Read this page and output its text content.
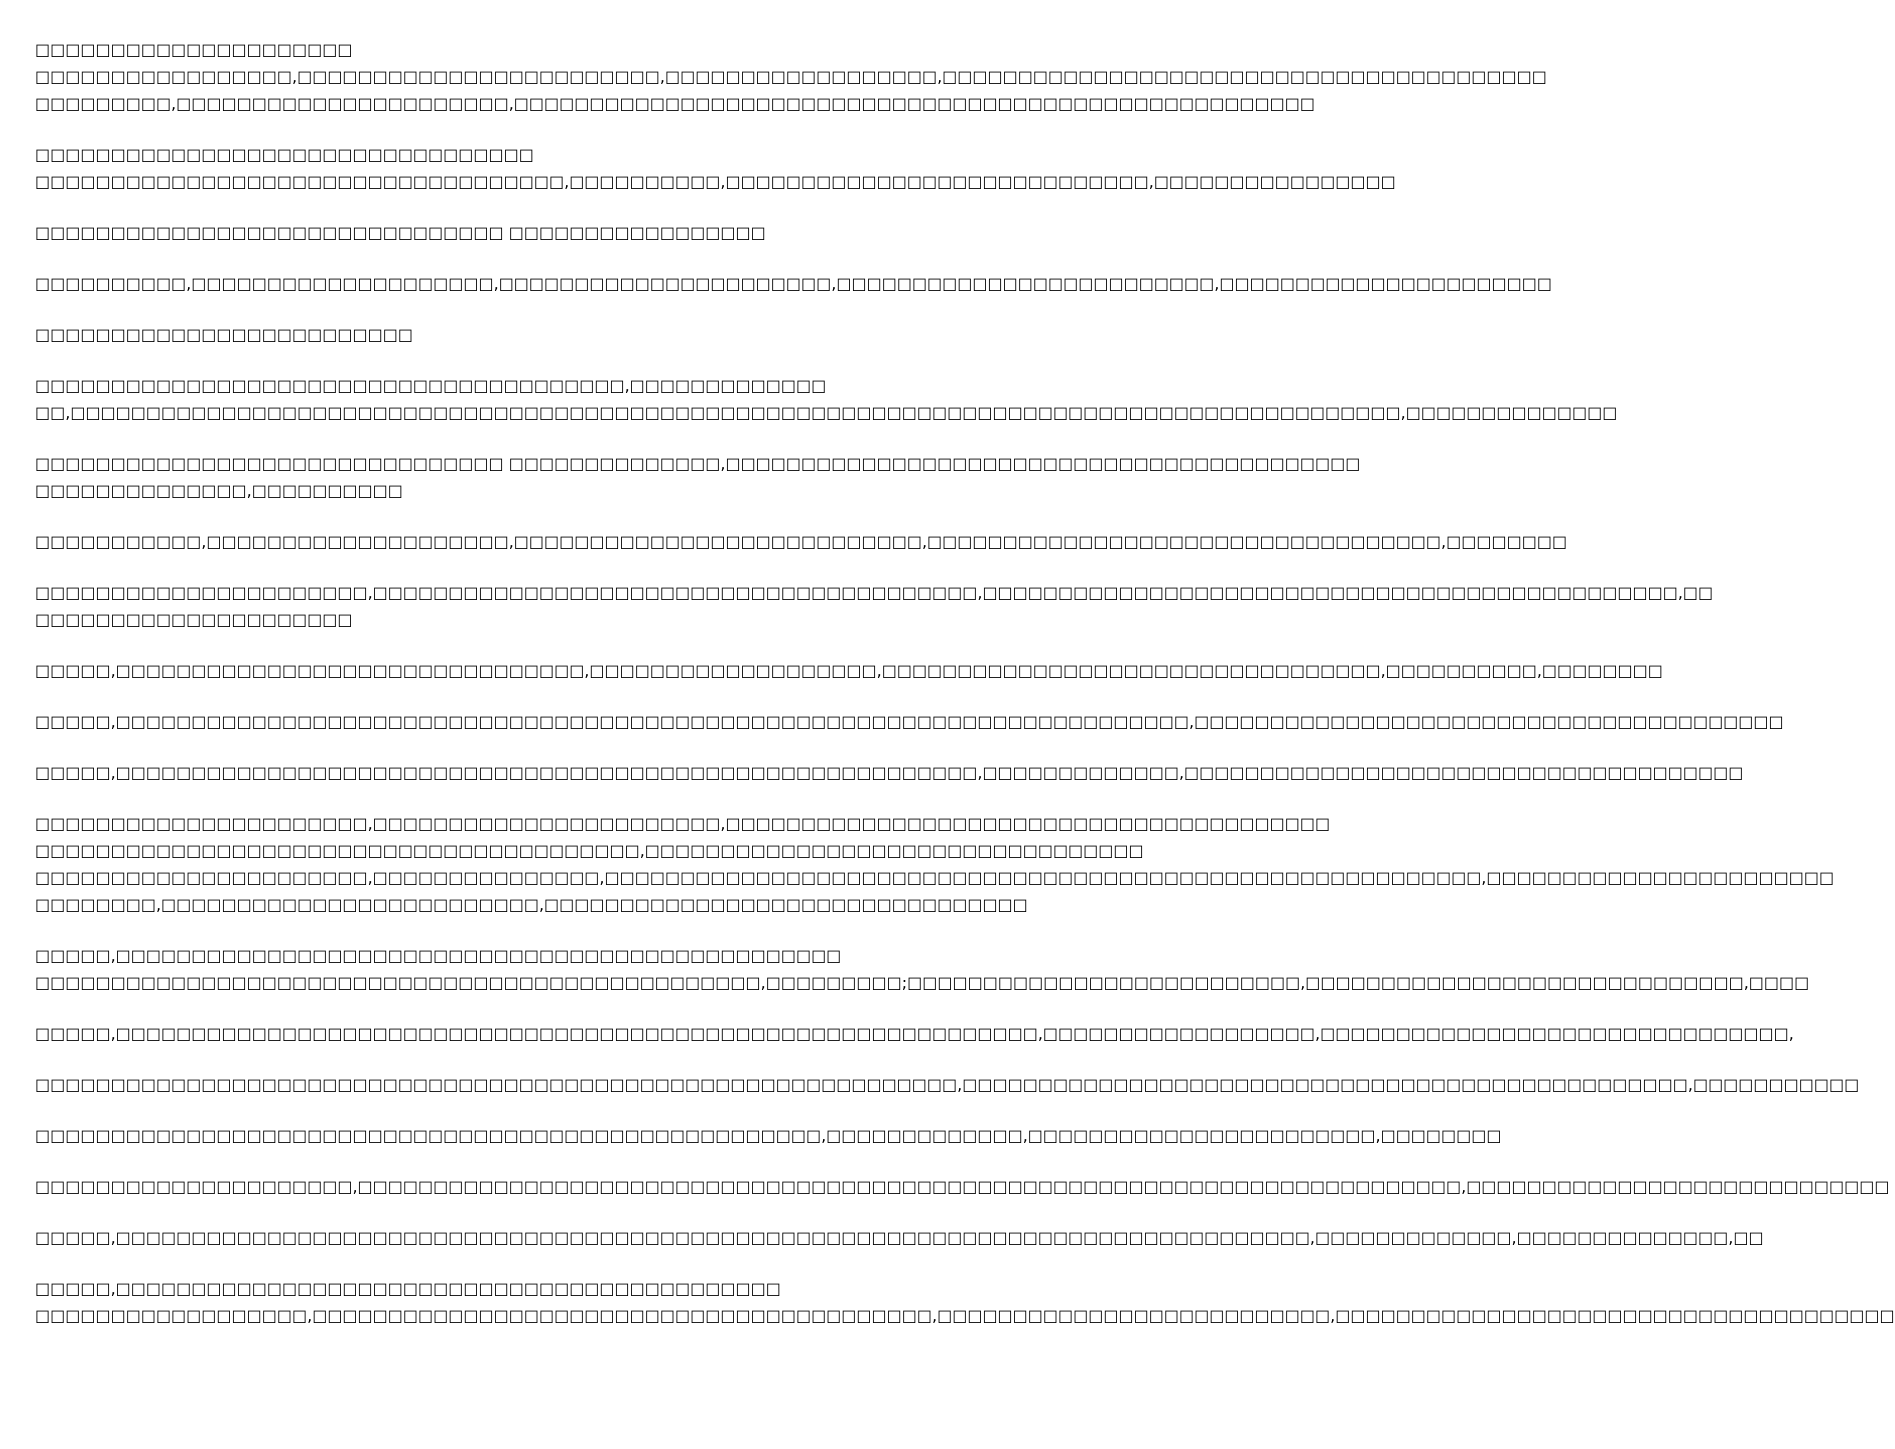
□□□□□□□□□□□□□□□□□□□□□
□□□□□□□□□□□□□□□□□,□□□□□□□□□□□□□□□□□□□□□□□□,□□□□□□□□□□□□□□□□□□,□□□□□□□□□□□□□□□□□□□□□□□□□□□□□□□□□□□□□□□□
□□□□□□□□□,□□□□□□□□□□□□□□□□□□□□□□,□□□□□□□□□□□□□□□□□□□□□□□□□□□□□□□□□□□□□□□□□□□□□□□□□□□□□

□□□□□□□□□□□□□□□□□□□□□□□□□□□□□□□□□
□□□□□□□□□□□□□□□□□□□□□□□□□□□□□□□□□□□,□□□□□□□□□□,□□□□□□□□□□□□□□□□□□□□□□□□□□□□,□□□□□□□□□□□□□□□□

□□□□□□□□□□□□□□□□□□□□□□□□□□□□□□□ □□□□□□□□□□□□□□□□□

□□□□□□□□□□,□□□□□□□□□□□□□□□□□□□□,□□□□□□□□□□□□□□□□□□□□□□,□□□□□□□□□□□□□□□□□□□□□□□□□,□□□□□□□□□□□□□□□□□□□□□□

□□□□□□□□□□□□□□□□□□□□□□□□□

□□□□□□□□□□□□□□□□□□□□□□□□□□□□□□□□□□□□□□□,□□□□□□□□□□□□□
□□,□□□□□□□□□□□□□□□□□□□□□□□□□□□□□□□□□□□□□□□□□□□□□□□□□□□□□□□□□□□□□□□□□□□□□□□□□□□□□□□□□□□□□□□□,□□□□□□□□□□□□□□

□□□□□□□□□□□□□□□□□□□□□□□□□□□□□□□ □□□□□□□□□□□□□□,□□□□□□□□□□□□□□□□□□□□□□□□□□□□□□□□□□□□□□□□□□
□□□□□□□□□□□□□□,□□□□□□□□□□

□□□□□□□□□□□,□□□□□□□□□□□□□□□□□□□□,□□□□□□□□□□□□□□□□□□□□□□□□□□□,□□□□□□□□□□□□□□□□□□□□□□□□□□□□□□□□□□,□□□□□□□□

□□□□□□□□□□□□□□□□□□□□□□,□□□□□□□□□□□□□□□□□□□□□□□□□□□□□□□□□□□□□□□□,□□□□□□□□□□□□□□□□□□□□□□□□□□□□□□□□□□□□□□□□□□□□□□,□□
□□□□□□□□□□□□□□□□□□□□□

□□□□□,□□□□□□□□□□□□□□□□□□□□□□□□□□□□□□□,□□□□□□□□□□□□□□□□□□□,□□□□□□□□□□□□□□□□□□□□□□□□□□□□□□□□□,□□□□□□□□□□,□□□□□□□□

□□□□□,□□□□□□□□□□□□□□□□□□□□□□□□□□□□□□□□□□□□□□□□□□□□□□□□□□□□□□□□□□□□□□□□□□□□□□□,□□□□□□□□□□□□□□□□□□□□□□□□□□□□□□□□□□□□□□□

□□□□□,□□□□□□□□□□□□□□□□□□□□□□□□□□□□□□□□□□□□□□□□□□□□□□□□□□□□□□□□□,□□□□□□□□□□□□□,□□□□□□□□□□□□□□□□□□□□□□□□□□□□□□□□□□□□□

□□□□□□□□□□□□□□□□□□□□□□,□□□□□□□□□□□□□□□□□□□□□□□,□□□□□□□□□□□□□□□□□□□□□□□□□□□□□□□□□□□□□□□□
□□□□□□□□□□□□□□□□□□□□□□□□□□□□□□□□□□□□□□□□,□□□□□□□□□□□□□□□□□□□□□□□□□□□□□□□□□
□□□□□□□□□□□□□□□□□□□□□□,□□□□□□□□□□□□□□□,□□□□□□□□□□□□□□□□□□□□□□□□□□□□□□□□□□□□□□□□□□□□□□□□□□□□□□□□□□,□□□□□□□□□□□□□□□□□□□□□□□
□□□□□□□□,□□□□□□□□□□□□□□□□□□□□□□□□□,□□□□□□□□□□□□□□□□□□□□□□□□□□□□□□□□

□□□□□,□□□□□□□□□□□□□□□□□□□□□□□□□□□□□□□□□□□□□□□□□□□□□□□□
□□□□□□□□□□□□□□□□□□□□□□□□□□□□□□□□□□□□□□□□□□□□□□□□,□□□□□□□□□;□□□□□□□□□□□□□□□□□□□□□□□□□□,□□□□□□□□□□□□□□□□□□□□□□□□□□□□□,□□□□

□□□□□,□□□□□□□□□□□□□□□□□□□□□□□□□□□□□□□□□□□□□□□□□□□□□□□□□□□□□□□□□□□□□,□□□□□□□□□□□□□□□□□□,□□□□□□□□□□□□□□□□□□□□□□□□□□□□□□□,

□□□□□□□□□□□□□□□□□□□□□□□□□□□□□□□□□□□□□□□□□□□□□□□□□□□□□□□□□□□□□,□□□□□□□□□□□□□□□□□□□□□□□□□□□□□□□□□□□□□□□□□□□□□□□□,□□□□□□□□□□□

□□□□□□□□□□□□□□□□□□□□□□□□□□□□□□□□□□□□□□□□□□□□□□□□□□□□,□□□□□□□□□□□□□,□□□□□□□□□□□□□□□□□□□□□□□,□□□□□□□□

□□□□□□□□□□□□□□□□□□□□□,□□□□□□□□□□□□□□□□□□□□□□□□□□□□□□□□□□□□□□□□□□□□□□□□□□□□□□□□□□□□□□□□□□□□□□□□□,□□□□□□□□□□□□□□□□□□□□□□□□□□□□

□□□□□,□□□□□□□□□□□□□□□□□□□□□□□□□□□□□□□□□□□□□□□□□□□□□□□□□□□□□□□□□□□□□□□□□□□□□□□□□□□□□□□,□□□□□□□□□□□□□,□□□□□□□□□□□□□□,□□

□□□□□,□□□□□□□□□□□□□□□□□□□□□□□□□□□□□□□□□□□□□□□□□□□□
□□□□□□□□□□□□□□□□□□,□□□□□□□□□□□□□□□□□□□□□□□□□□□□□□□□□□□□□□□□□,□□□□□□□□□□□□□□□□□□□□□□□□□□,□□□□□□□□□□□□□□□□□□□□□□□□□□□□□□□□□□□□□
